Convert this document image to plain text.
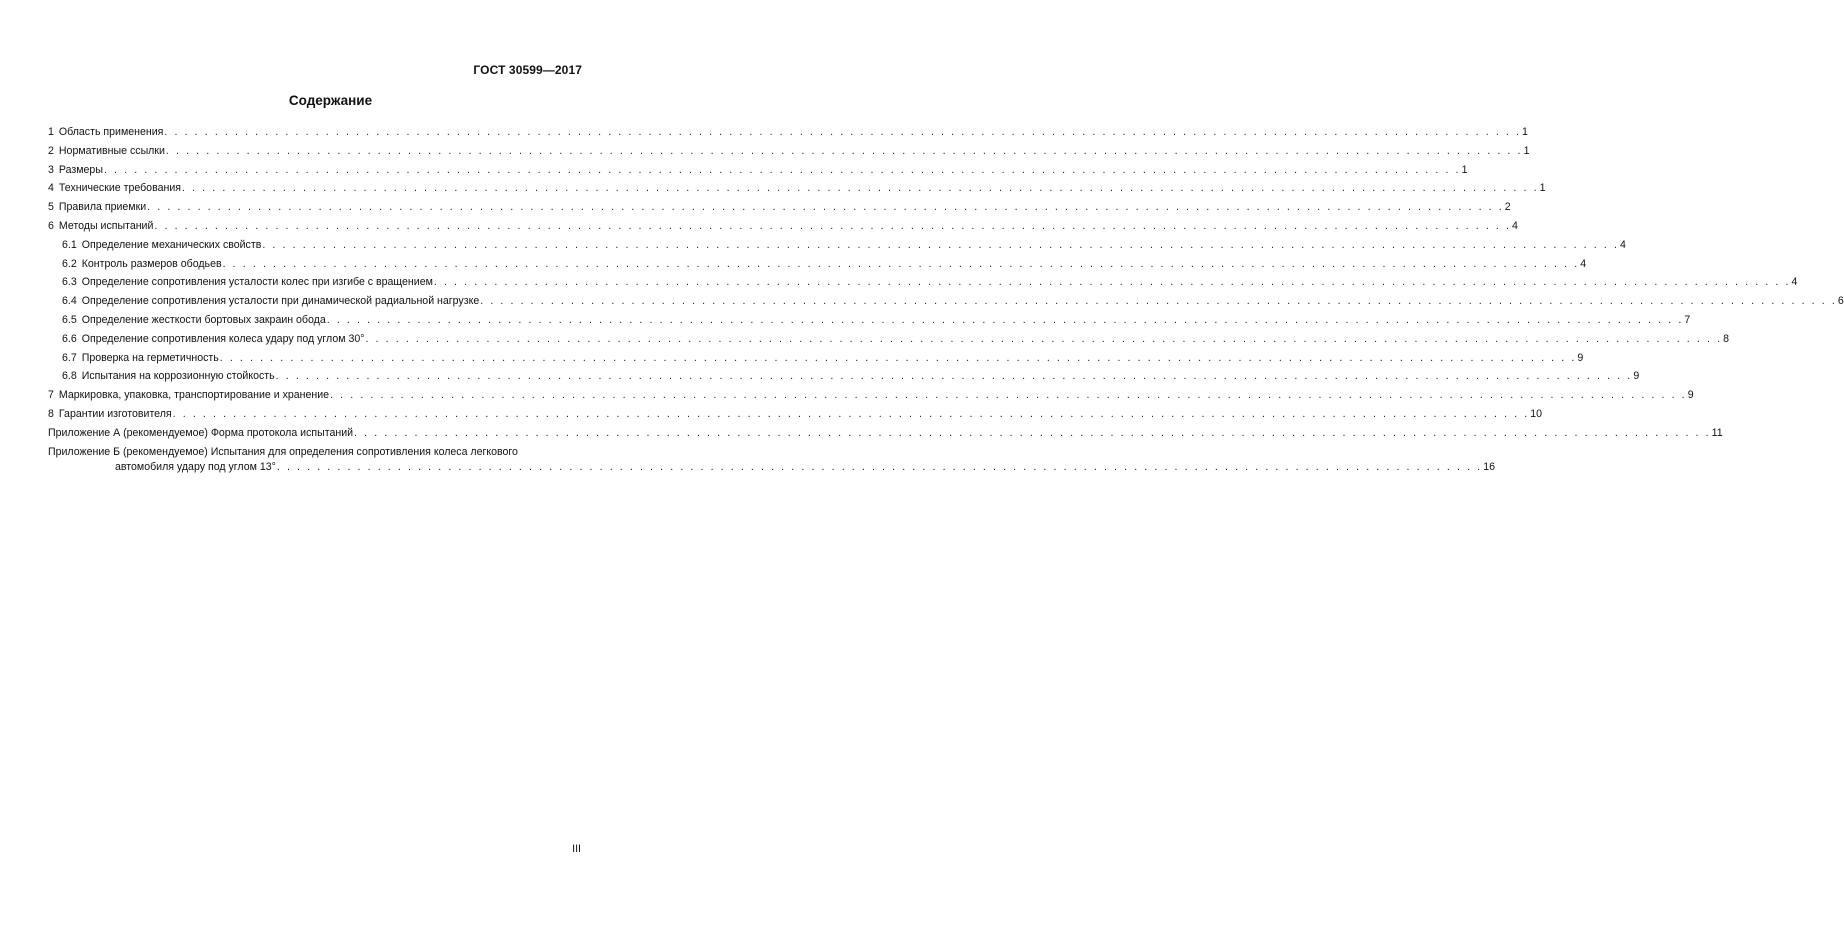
ГОСТ 30599—2017
Содержание
1 Область применения . . .	1
2 Нормативные ссылки . . .	1
3 Размеры . . .	1
4 Технические требования . . .	1
5 Правила приемки . . .	2
6 Методы испытаний . . .	4
6.1 Определение механических свойств . . .	4
6.2 Контроль размеров ободьев . . .	4
6.3 Определение сопротивления усталости колес при изгибе с вращением . . .	4
6.4 Определение сопротивления усталости при динамической радиальной нагрузке . . .	6
6.5 Определение жесткости бортовых закраин обода . . .	7
6.6 Определение сопротивления колеса удару под углом 30° . . .	8
6.7 Проверка на герметичность . . .	9
6.8 Испытания на коррозионную стойкость . . .	9
7 Маркировка, упаковка, транспортирование и хранение . . .	9
8 Гарантии изготовителя . . .	10
Приложение А (рекомендуемое) Форма протокола испытаний . . .	11
Приложение Б (рекомендуемое) Испытания для определения сопротивления колеса легкового
автомобиля удару под углом 13° . . . . . . . . . . . . . . . . . . . . . . . . . . . . . . . . . . . . . . . . . . . . . . . . . . . . . . . . . . . . . . . . . . . . . . . . . . . . . . . . . . . . . . . . . . . . . . . . . . . . . . . . . . . . . . . . . . . . . . . . 16
III
